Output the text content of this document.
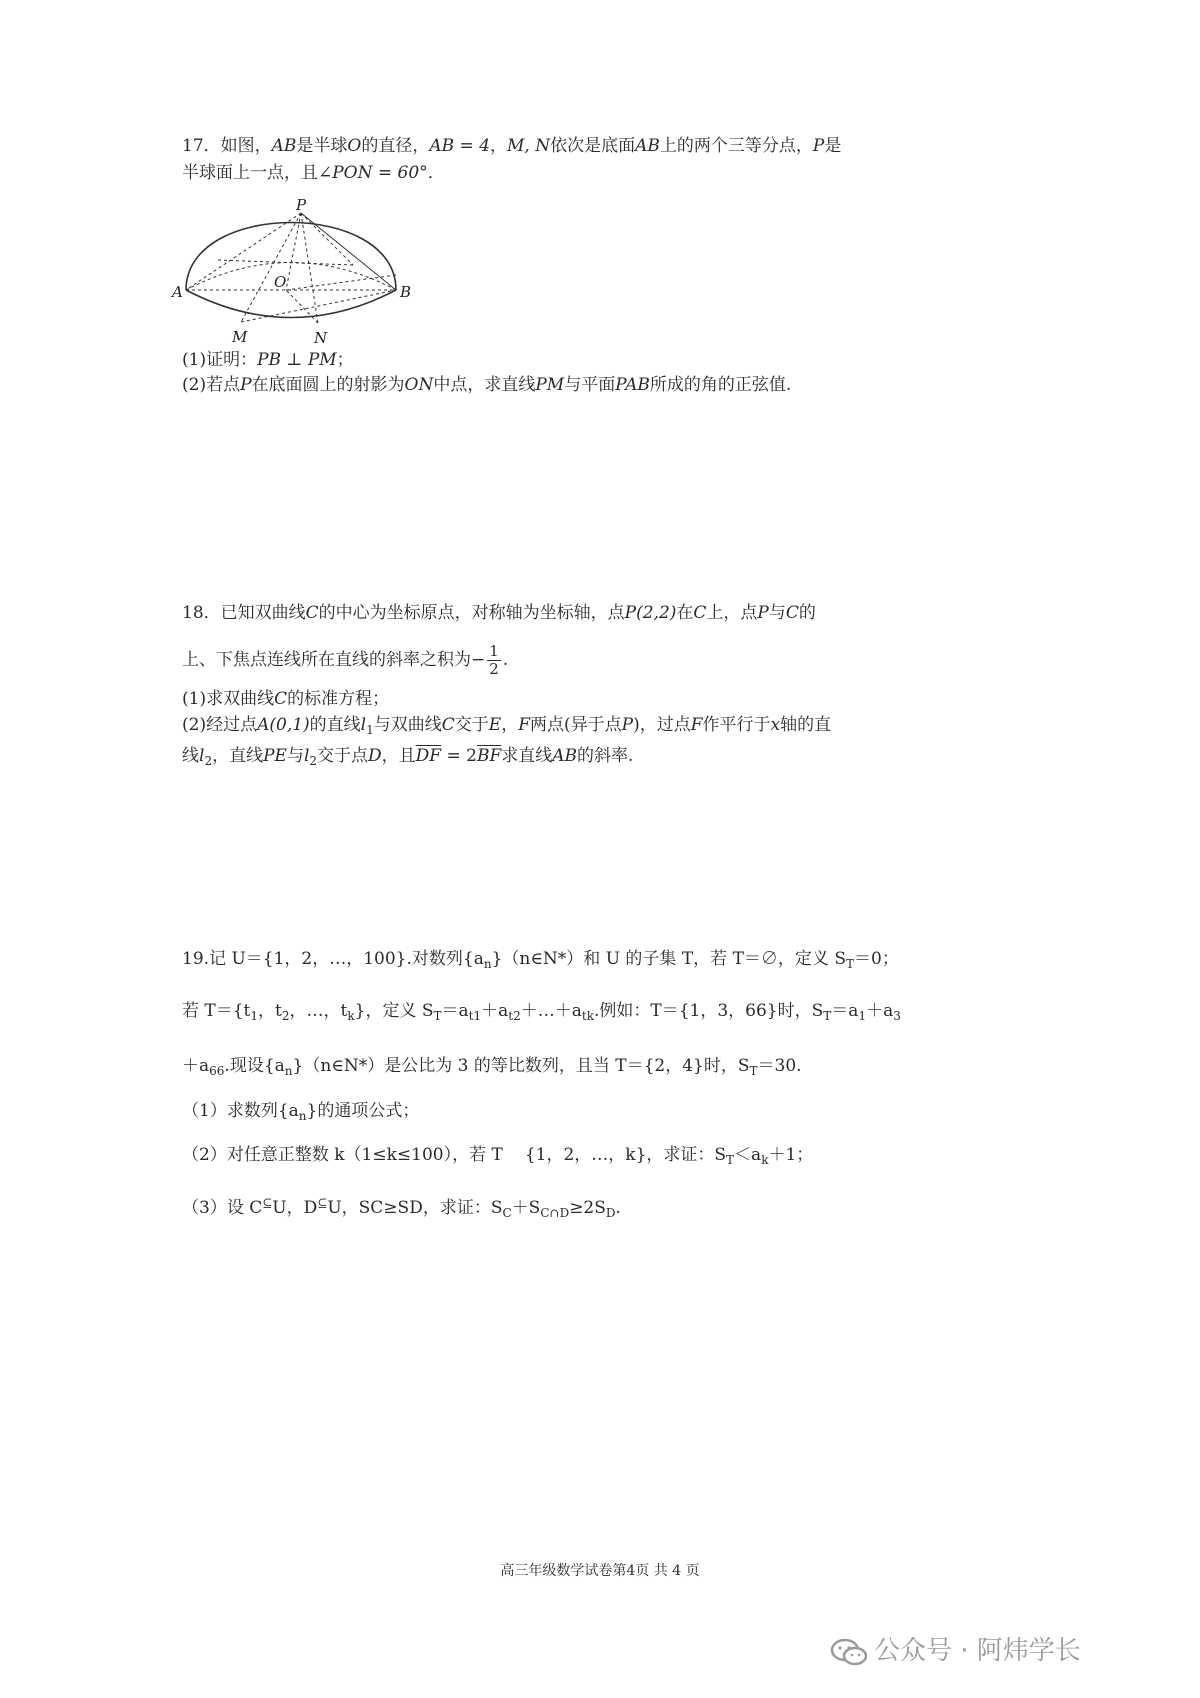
17．如图，AB是半球O的直径，AB = 4，M, N依次是底面AB上的两个三等分点，P是
半球面上一点，且∠PON = 60°．
P
O
A	B
M	N
(1)证明：PB ⊥ PM；
(2)若点P在底面圆上的射影为ON中点，求直线PM与平面PAB所成的角的正弦值.
18．已知双曲线C的中心为坐标原点，对称轴为坐标轴，点P(2,2)在C上，点P与C的
上、下焦点连线所在直线的斜率之积为− $\frac{1}{2}$ .
(1)求双曲线C的标准方程；
(2)经过点A(0,1)的直线$l_1$与双曲线C交于E，F两点(异于点P)，过点F作平行于x轴的直
线$l_2$，直线PE与$l_2$交于点D，且$\overline{DF} = 2\overline{BF}$求直线AB的斜率.
19.记 U＝{1，2，…，100}.对数列$\{a_n\}(n\in N*)$和 U 的子集 T，若 T＝∅，定义 $S_T=0$；
若 $T=\{t_1$，$t_2$，…，$t_k$}，定义 $S_T=a_{t1}+a_{t2}+\dots+a_{tk}$.例如：T＝{1，3，66}时，$S_T=a_1+a_3$
$+a_{66}$.现设$\{a_n\}(n\in N*)$是公比为 3 的等比数列，且当 T＝{2，4}时，$S_T=30$.
（1）求数列$\{a_n\}$的通项公式；
（2）对任意正整数 k（1≤k≤100），若 T {1，2，…，k}，求证：$S_T<a_k+1$；
（3）设 C⊆U，D⊆U，SC≥SD，求证：$S_C+S_{C\cap D}\ge 2S_D$.
高三年级数学试卷第4页 共 4 页
公众号 · 阿炜学长
